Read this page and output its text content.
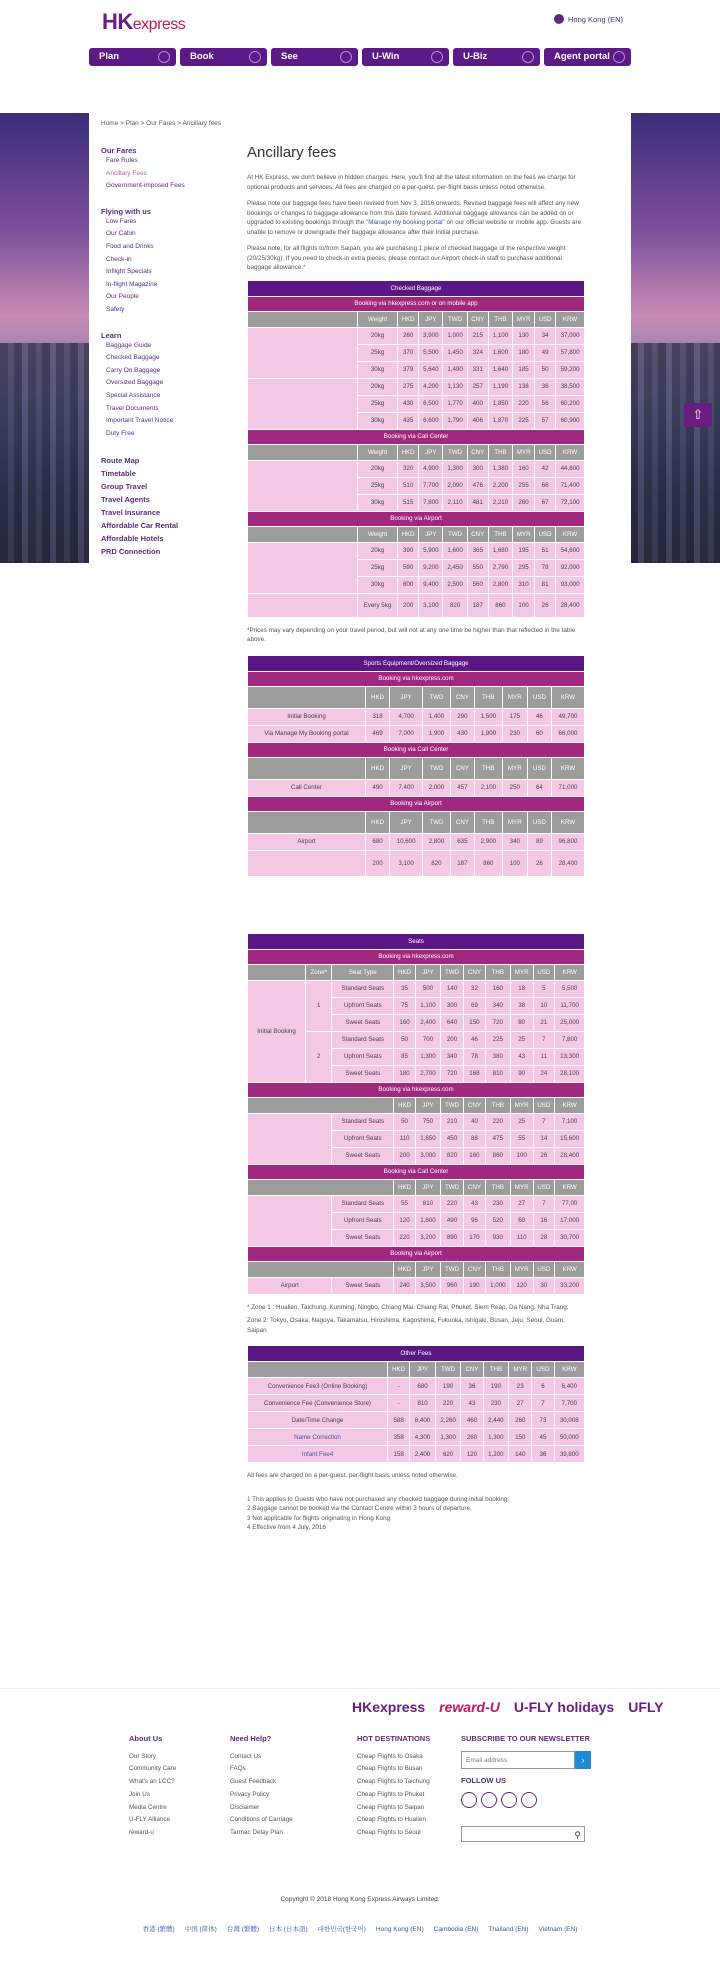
HKexpress	Hong Kong (EN)
Plan	Book	See	U-Win	U-Biz	Agent portal
Home > Plan > Our Fares > Ancillary fees
Our Fares
Fare Rules
Ancillary Fees
Government-imposed Fees
Flying with us
Low Fares
Our Cabin
Food and Drinks
Check-in
Inflight Specials
In-flight Magazine
Our People
Safety
Learn
Baggage Guide
Checked Baggage
Carry On Baggage
Oversized Baggage
Special Assistance
Travel Documents
Important Travel Notice
Duty Free
Route Map
Timetable
Group Travel
Travel Agents
Travel Insurance
Affordable Car Rental
Affordable Hotels
PRD Connection
⇧
Ancillary fees

At HK Express, we don't believe in hidden charges. Here, you'll find all the latest information on the fees we charge for optional products and services. All fees are charged on a per-guest, per-flight basis unless noted otherwise.

Please note our baggage fees have been revised from Nov 3, 2016 onwards. Revised baggage fees will affect any new bookings or changes to baggage allowance from this date forward. Additional baggage allowance can be added on or upgraded to existing bookings through the "Manage my booking portal" on our official website or mobile app. Guests are unable to remove or downgrade their baggage allowance after their initial purchase.

Please note, for all flights to/from Saipan, you are purchasing 1 piece of checked baggage of the respective weight (20/25/30kg). If you need to check-in extra pieces, please contact our Airport check-in staff to purchase additional baggage allowance.*

Checked Baggage									
Booking via hkexpress.com or on mobile app									
	Weight	HKD	JPY	TWD	CNY	THB	MYR	USD	KRW
	20kg	260	3,900	1,000	215	1,100	130	34	37,000
	25kg	370	5,500	1,450	324	1,600	180	49	57,800
	30kg	379	5,640	1,490	331	1,640	185	50	59,200

	20kg	275	4,200	1,130	257	1,190	138	36	38,500
	25kg	430	6,500	1,770	400	1,850	220	56	60,200
	30kg	435	6,600	1,790	406	1,870	225	57	60,900
Booking via Call Center									
	Weight	HKD	JPY	TWD	CNY	THB	MYR	USD	KRW
	20kg	320	4,900	1,300	300	1,380	160	42	44,800
	25kg	510	7,700	2,090	476	2,200	255	66	71,400
	30kg	515	7,800	2,110	481	2,210	260	67	72,100
Booking via Airport									
	Weight	HKD	JPY	TWD	CNY	THB	MYR	USD	KRW
	20kg	390	5,900	1,600	365	1,680	195	51	54,600
	25kg	590	9,200	2,450	550	2,790	295	78	92,000
	30kg	600	9,400	2,500	560	2,800	310	81	93,000

	Every 5kg	200	3,100	820	187	860	100	26	28,400

*Prices may vary depending on your travel period, but will not at any one time be higher than that reflected in the table above.

Sports Equipment/Oversized Baggage								
Booking via hkexpress.com								

	HKD	JPY	TWD	CNY	THB	MYR	USD	KRW
Initial Booking	318	4,700	1,400	290	1,500	175	46	49,700
Via Manage My Booking portal	469	7,000	1,900	430	1,900	230	60	66,000
Booking via Call Center								

	HKD	JPY	TWD	CNY	THB	MYR	USD	KRW
Call Center	490	7,400	2,000	457	2,100	250	64	71,000
Booking via Airport								

	HKD	JPY	TWD	CNY	THB	MYR	USD	KRW
Airport	680	10,600	2,800	635	2,900	340	89	96,800

	200	3,100	820	187	860	100	26	28,400
Seats										
Booking via hkexpress.com										
	Zone*	Seat Type	HKD	JPY	TWD	CNY	THB	MYR	USD	KRW
Initial Booking	1	Standard Seats	35	500	140	32	160	18	5	5,500
		Upfront Seats	75	1,100	300	69	340	38	10	11,700
		Sweet Seats	160	2,400	640	150	720	80	21	25,000
	2	Standard Seats	50	700	200	46	225	25	7	7,800
		Upfront Seats	85	1,300	340	78	380	43	11	13,300
		Sweet Seats	180	2,700	720	168	810	90	24	28,100
Booking via hkexpress.com										
			HKD	JPY	TWD	CNY	THB	MYR	USD	KRW

		Standard Seats	50	750	210	40	220	25	7	7,100
		Upfront Seats	110	1,650	450	88	475	55	14	15,600
		Sweet Seats	200	3,000	820	160	860	100	26	28,400
Booking via Call Center										
			HKD	JPY	TWD	CNY	THB	MYR	USD	KRW
		Standard Seats	55	810	220	43	230	27	7	77,00
		Upfront Seats	120	1,800	490	96	520	60	16	17,000
		Sweet Seats	220	3,200	890	170	930	110	28	30,700
Booking via Airport										
			HKD	JPY	TWD	CNY	THB	MYR	USD	KRW
Airport		Sweet Seats	240	3,500	960	190	1,000	120	30	33,200

* Zone 1 : Hualien, Taichung, Kunming, Ningbo, Chiang Mai, Chiang Rai, Phuket, Siem Reap, Da Nang, Nha Trang;

Zone 2: Tokyo, Osaka, Nagoya, Takamatsu, Hiroshima, Kagoshima, Fukuoka, Ishigaki, Busan, Jeju, Seoul, Guam, Saipan

Other Fees								
	HKD	JPY	TWD	CNY	THB	MYR	USD	KRW
Convenience Fee3 (Online Booking)	-	680	190	36	190	23	6	6,400
Convenience Fee (Convenience Store)	-	810	220	43	230	27	7	7,700
Date/Time Change	588	8,400	2,260	460	2,440	260	73	30,008
Name Correction	358	4,300	1,300	260	1,300	150	45	50,000
Infant Fee4	158	2,400	620	120	1,200	140	36	39,800

All fees are charged on a per-guest, per-flight basis unless noted otherwise.

1 This applies to Guests who have not purchased any checked baggage during initial booking.
2 Baggage cannot be booked via the Contact Centre within 3 hours of departure.
3 Not applicable for flights originating in Hong Kong
4 Effective from 4 July, 2016
HKexpress reward-U U-FLY holidays UFLY
About Us
Our Story
Community Care
What's an LCC?
Join Us
Media Centre
U-FLY Alliance
reward-u
Need Help?
Contact Us
FAQs
Guest Feedback
Privacy Policy
Disclaimer
Conditions of Carriage
Tarmac Delay Plan
HOT DESTINATIONS
Cheap Flights to Osaka
Cheap Flights to Busan
Cheap Flights to Taichung
Cheap Flights to Phuket
Cheap Flights to Saipan
Cheap Flights to Hualien
Cheap Flights to Seoul
SUBSCRIBE TO OUR NEWSLETTER
Email address	›
FOLLOW US
⚲
Copyright © 2018 Hong Kong Express Airways Limited.
香港 (繁體) 中国 (简体) 台灣 (繁體) 日本 (日本語) 대한민국(한국어) Hong Kong (EN) Cambodia (EN) Thailand (EN) Vietnam (EN)
